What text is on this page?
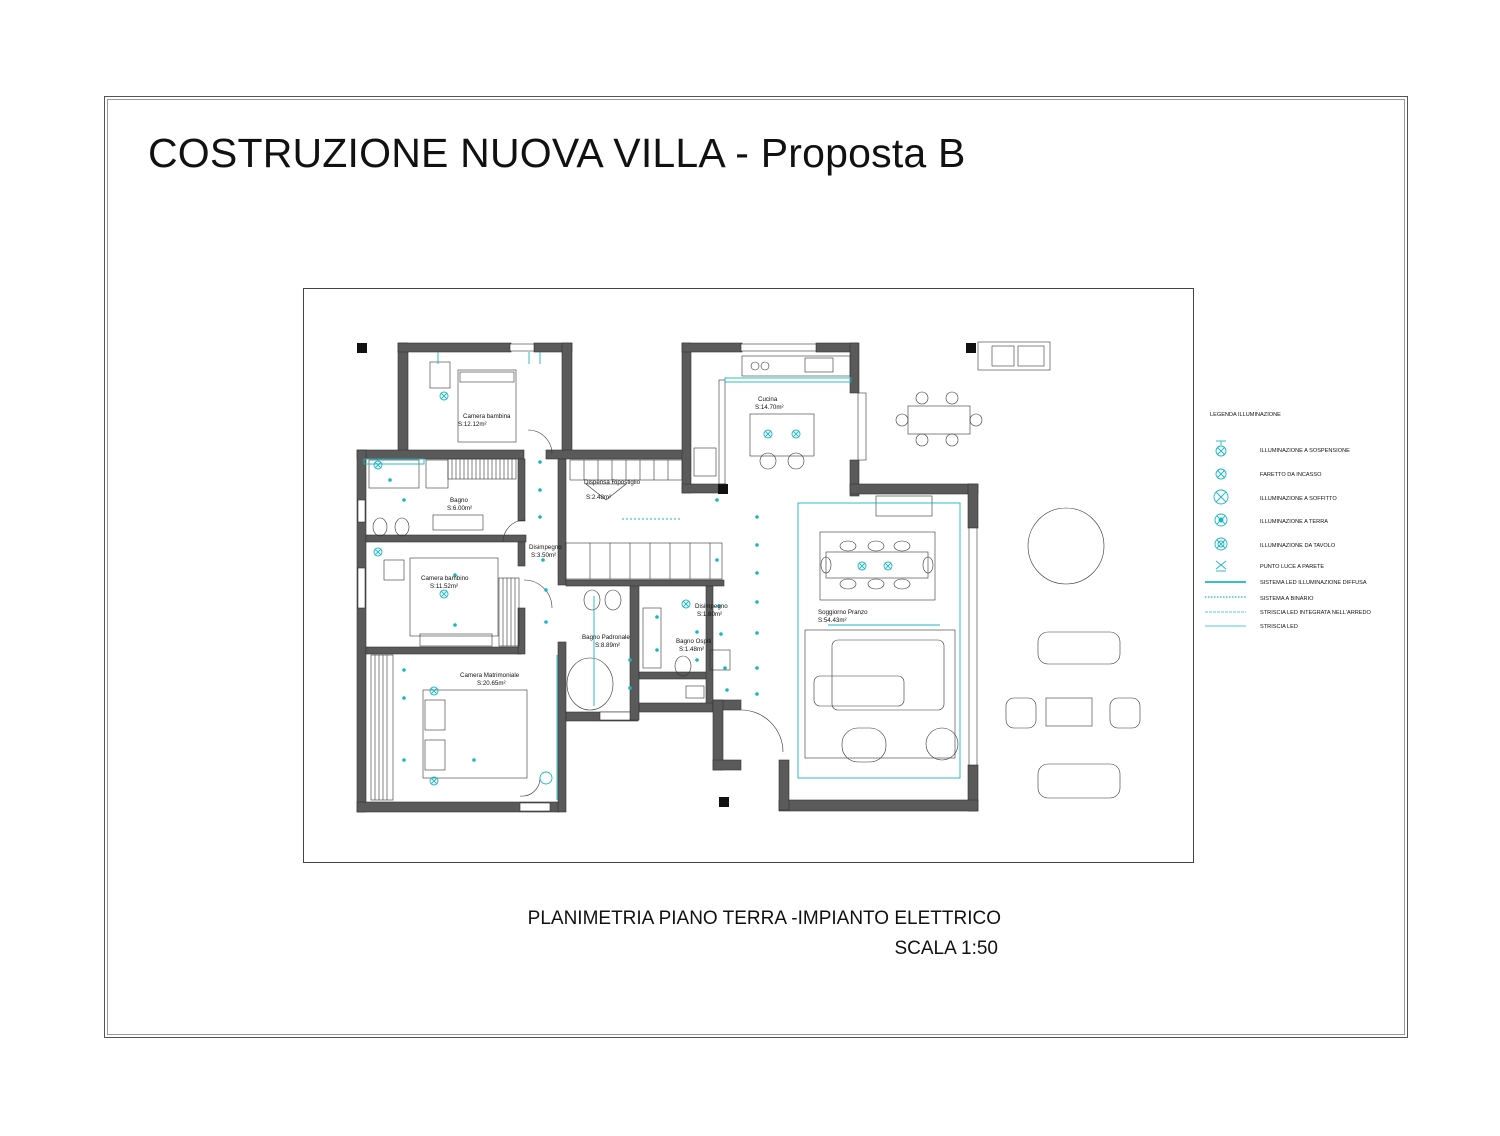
COSTRUZIONE NUOVA VILLA - Proposta B
Camera bambina
S:12.12m²
Cucina
S:14.70m²
Dispensa Ripostiglio
S:2.48m²
Bagno
S:6.00m²
Disimpegno
S:3.50m²
Camera bambino
S:11.52m²
Disimpegno
S:1.80m²
Bagno Padronale
S:8.89m²
Bagno Ospiti
S:1.48m²
Soggiorno Pranzo
S:54.43m²
Camera Matrimoniale
S:20.65m²
LEGENDA ILLUMINAZIONE
ILLUMINAZIONE A SOSPENSIONE
FARETTO DA INCASSO
ILLUMINAZIONE A SOFFITTO
ILLUMINAZIONE A TERRA
ILLUMINAZIONE DA TAVOLO
PUNTO LUCE A PARETE
SISTEMA LED ILLUMINAZIONE DIFFUSA
SISTEMA A BINARIO
STRISCIA LED INTEGRATA NELL'ARREDO
STRISCIA LED
PLANIMETRIA PIANO TERRA -IMPIANTO ELETTRICO
SCALA 1:50
